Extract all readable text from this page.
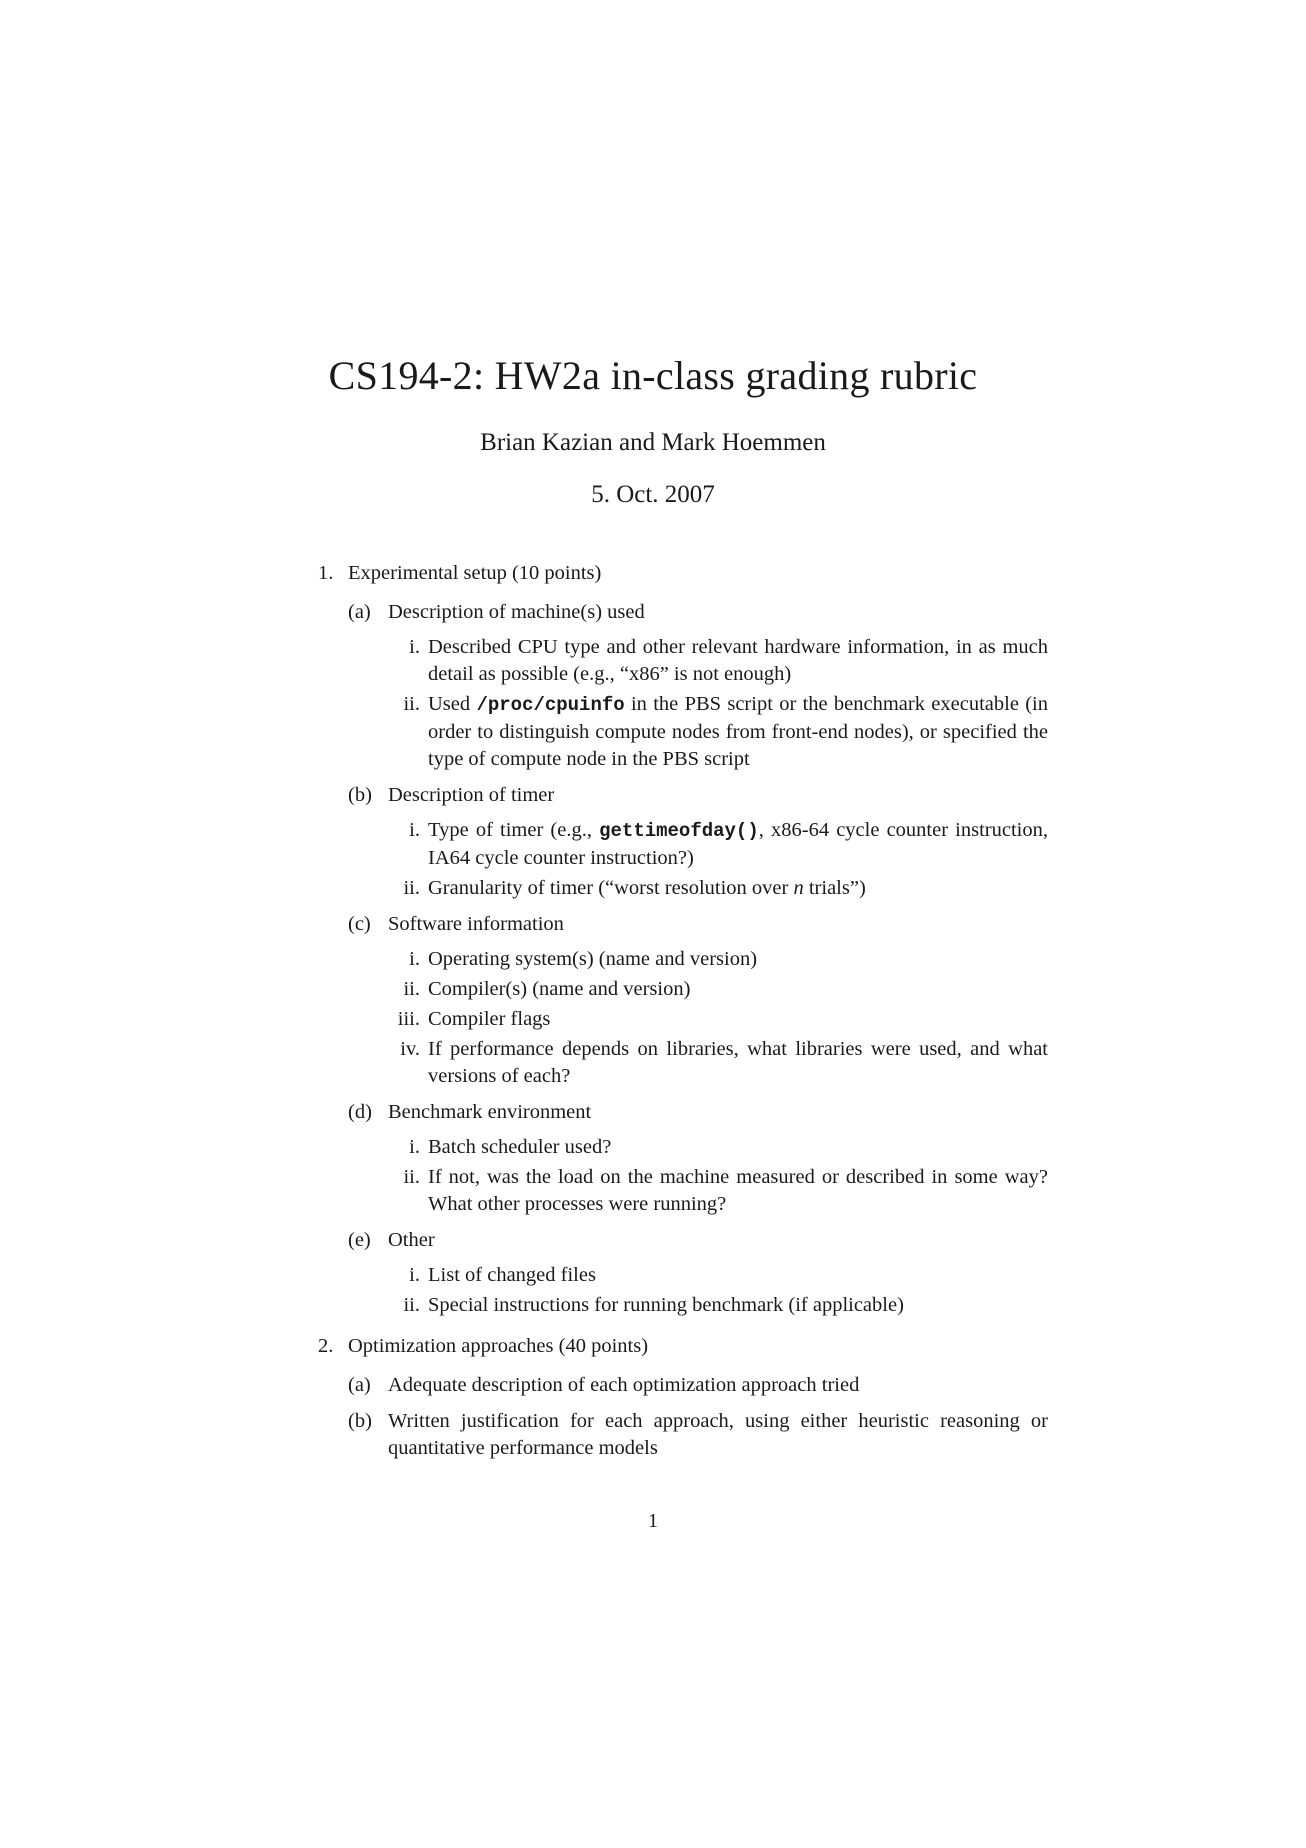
CS194-2: HW2a in-class grading rubric
Brian Kazian and Mark Hoemmen
5. Oct. 2007
1. Experimental setup (10 points)
(a) Description of machine(s) used
i. Described CPU type and other relevant hardware information, in as much detail as possible (e.g., “x86” is not enough)
ii. Used /proc/cpuinfo in the PBS script or the benchmark executable (in order to distinguish compute nodes from front-end nodes), or specified the type of compute node in the PBS script
(b) Description of timer
i. Type of timer (e.g., gettimeofday(), x86-64 cycle counter instruction, IA64 cycle counter instruction?)
ii. Granularity of timer (“worst resolution over n trials”)
(c) Software information
i. Operating system(s) (name and version)
ii. Compiler(s) (name and version)
iii. Compiler flags
iv. If performance depends on libraries, what libraries were used, and what versions of each?
(d) Benchmark environment
i. Batch scheduler used?
ii. If not, was the load on the machine measured or described in some way? What other processes were running?
(e) Other
i. List of changed files
ii. Special instructions for running benchmark (if applicable)
2. Optimization approaches (40 points)
(a) Adequate description of each optimization approach tried
(b) Written justification for each approach, using either heuristic reasoning or quantitative performance models
1
